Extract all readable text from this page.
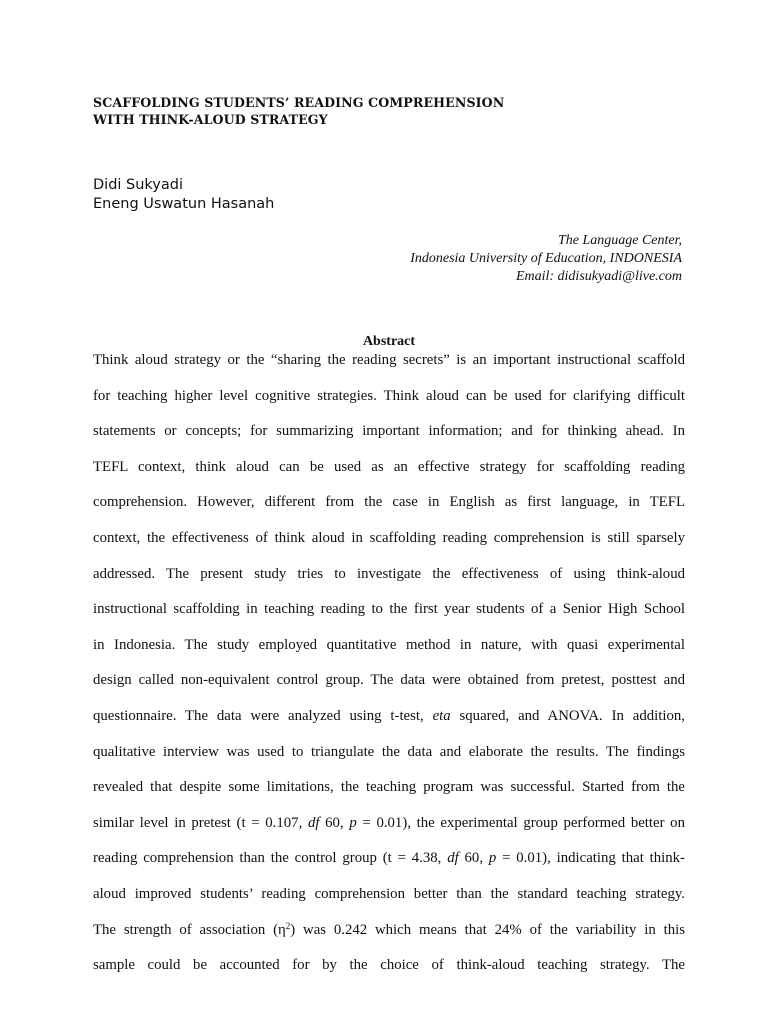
SCAFFOLDING STUDENTS’ READING COMPREHENSION
WITH THINK-ALOUD STRATEGY
Didi Sukyadi
Eneng Uswatun Hasanah
The Language Center,
Indonesia University of Education, INDONESIA
Email: didisukyadi@live.com
Abstract
Think aloud strategy or the “sharing the reading secrets” is an important instructional scaffold
for teaching higher level cognitive strategies. Think aloud can be used for clarifying difficult
statements or concepts; for summarizing important information; and for thinking ahead. In
TEFL context, think aloud can be used as an effective strategy for scaffolding reading
comprehension. However, different from the case in English as first language, in TEFL
context, the effectiveness of think aloud in scaffolding reading comprehension is still sparsely
addressed. The present study tries to investigate the effectiveness of using think-aloud
instructional scaffolding in teaching reading to the first year students of a Senior High School
in Indonesia. The study employed quantitative method in nature, with quasi experimental
design called non-equivalent control group. The data were obtained from pretest, posttest and
questionnaire. The data were analyzed using t-test, eta squared, and ANOVA. In addition,
qualitative interview was used to triangulate the data and elaborate the results. The findings
revealed that despite some limitations, the teaching program was successful. Started from the
similar level in pretest (t = 0.107, df 60, p = 0.01), the experimental group performed better on
reading comprehension than the control group (t = 4.38, df 60, p = 0.01), indicating that think-
aloud improved students’ reading comprehension better than the standard teaching strategy.
The strength of association $(\eta^2)$ was 0.242 which means that 24% of the variability in this
sample could be accounted for by the choice of think-aloud teaching strategy. The
